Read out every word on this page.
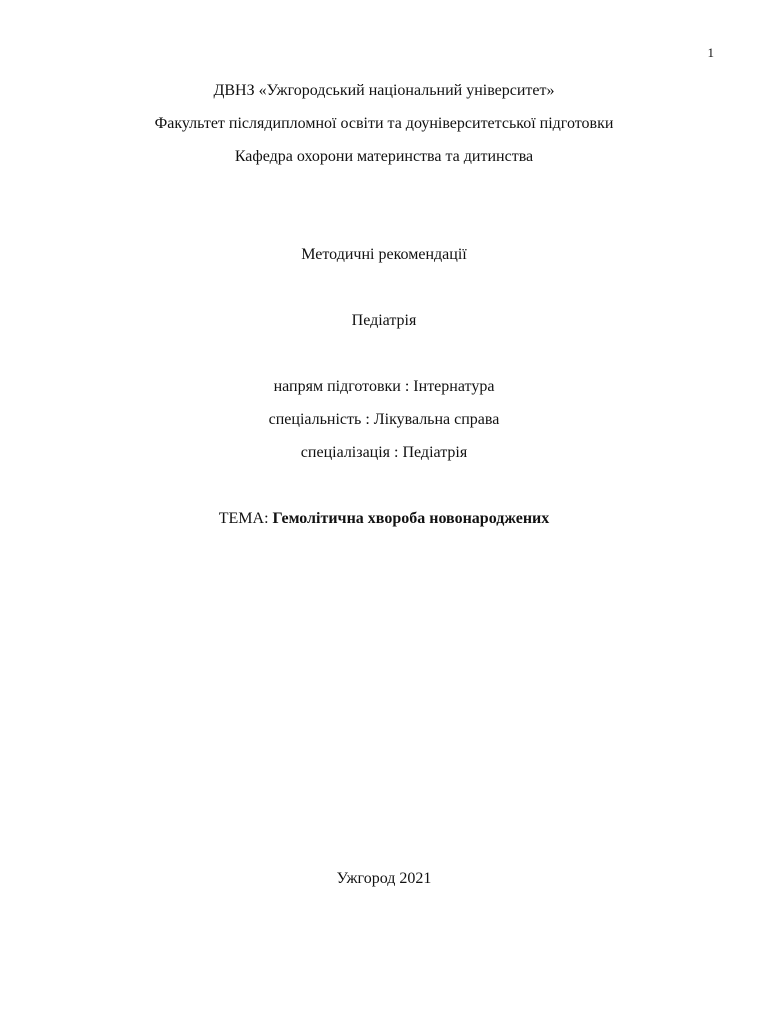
1
ДВНЗ «Ужгородський національний університет»
Факультет післядипломної освіти та доуніверситетської підготовки
Кафедра охорони материнства та дитинства
Методичні рекомендації
Педіатрія
напрям підготовки : Інтернатура
спеціальність : Лікувальна справа
спеціалізація : Педіатрія
ТЕМА: Гемолітична хвороба новонароджених
Ужгород 2021
